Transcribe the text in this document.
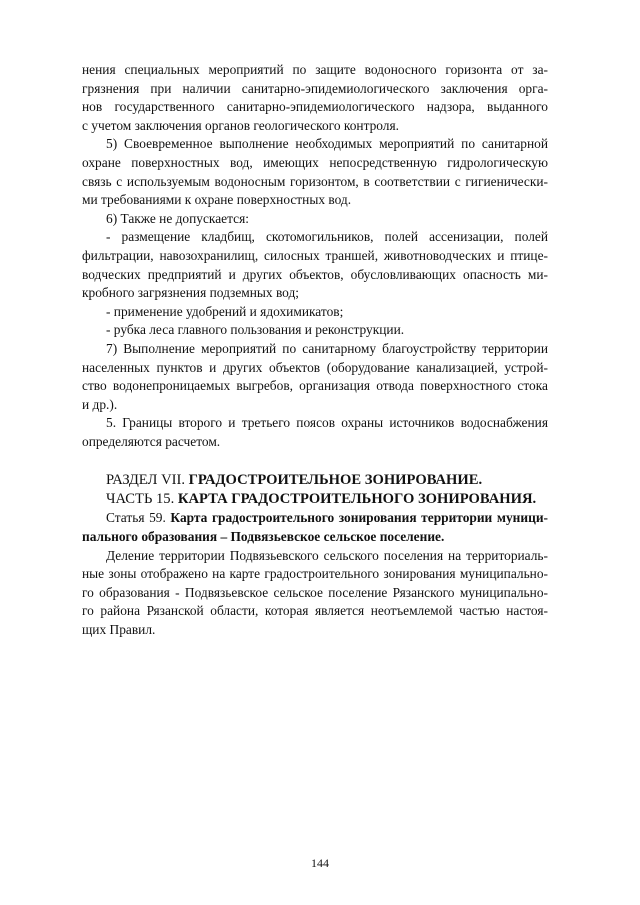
нения специальных мероприятий по защите водоносного горизонта от за-
грязнения при наличии санитарно-эпидемиологического заключения орга-
нов государственного санитарно-эпидемиологического надзора, выданного
с учетом заключения органов геологического контроля.

5) Своевременное выполнение необходимых мероприятий по санитарной
охране поверхностных вод, имеющих непосредственную гидрологическую
связь с используемым водоносным горизонтом, в соответствии с гигиенически-
ми требованиями к охране поверхностных вод.

6) Также не допускается:

- размещение кладбищ, скотомогильников, полей ассенизации, полей
фильтрации, навозохранилищ, силосных траншей, животноводческих и птице-
водческих предприятий и других объектов, обусловливающих опасность ми-
кробного загрязнения подземных вод;

- применение удобрений и ядохимикатов;

- рубка леса главного пользования и реконструкции.

7) Выполнение мероприятий по санитарному благоустройству территории
населенных пунктов и других объектов (оборудование канализацией, устрой-
ство водонепроницаемых выгребов, организация отвода поверхностного стока
и др.).

5. Границы второго и третьего поясов охраны источников водоснабжения
определяются расчетом.

РАЗДЕЛ VII. ГРАДОСТРОИТЕЛЬНОЕ ЗОНИРОВАНИЕ.
ЧАСТЬ 15. КАРТА ГРАДОСТРОИТЕЛЬНОГО ЗОНИРОВАНИЯ.

Статья 59. Карта градостроительного зонирования территории муници-
пального образования – Подвязьевское сельское поселение.

Деление территории Подвязьевского сельского поселения на территориаль-
ные зоны отображено на карте градостроительного зонирования муниципально-
го образования - Подвязьевское сельское поселение Рязанского муниципально-
го района Рязанской области, которая является неотъемлемой частью настоя-
щих Правил.

144
